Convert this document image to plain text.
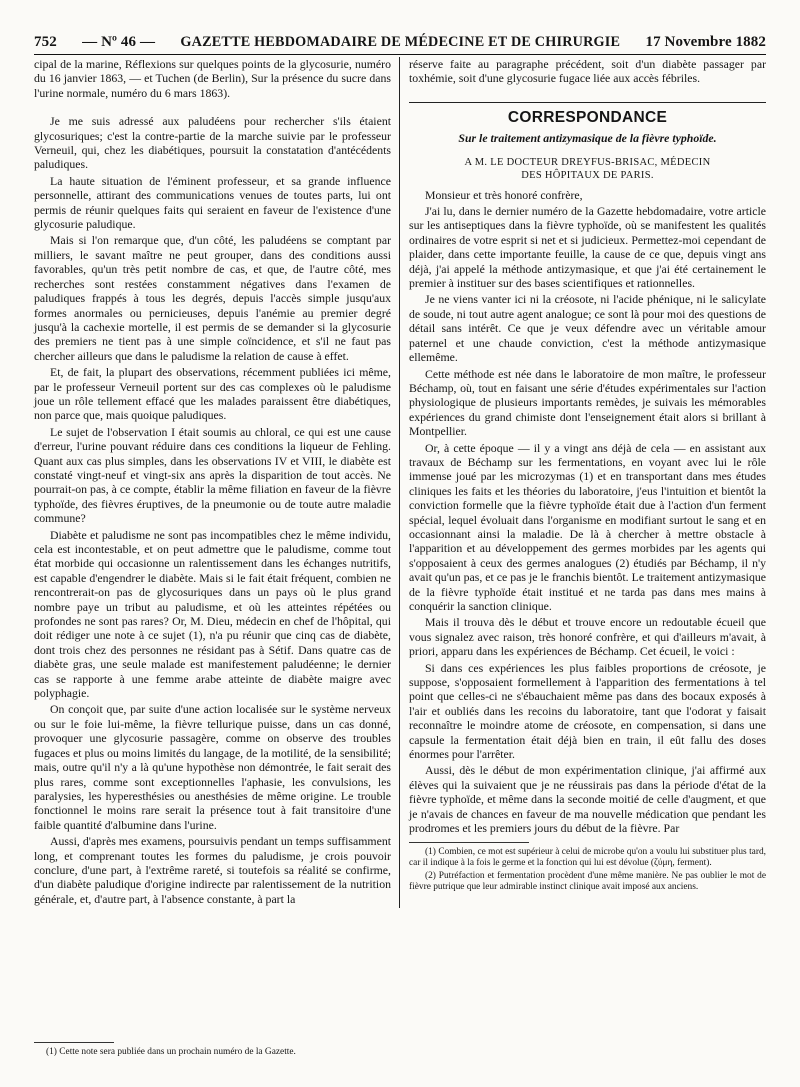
752 — Nº 46 — GAZETTE HEBDOMADAIRE DE MÉDECINE ET DE CHIRURGIE 17 Novembre 1882

cipal de la marine, Réflexions sur quelques points de la glycosurie, numéro du 16 janvier 1863, — et Tuchen (de Berlin), Sur la présence du sucre dans l'urine normale, numéro du 6 mars 1863).

Je me suis adressé aux paludéens pour rechercher s'ils étaient glycosuriques; c'est la contre-partie de la marche suivie par le professeur Verneuil, qui, chez les diabétiques, poursuit la constatation d'antécédents paludiques.

La haute situation de l'éminent professeur, et sa grande influence personnelle, attirant des communications venues de toutes parts, lui ont permis de réunir quelques faits qui seraient en faveur de l'existence d'une glycosurie paludique.

Mais si l'on remarque que, d'un côté, les paludéens se comptant par milliers, le savant maître ne peut grouper, dans des conditions aussi favorables, qu'un très petit nombre de cas, et que, de l'autre côté, mes recherches sont restées constamment négatives dans l'examen de paludiques frappés à tous les degrés, depuis l'accès simple jusqu'aux formes anormales ou pernicieuses, depuis l'anémie au premier degré jusqu'à la cachexie mortelle, il est permis de se demander si la glycosurie des premiers ne tient pas à une simple coïncidence, et s'il ne faut pas chercher ailleurs que dans le paludisme la relation de cause à effet.

Et, de fait, la plupart des observations, récemment publiées ici même, par le professeur Verneuil portent sur des cas complexes où le paludisme joue un rôle tellement effacé que les malades paraissent être diabétiques, non parce que, mais quoique paludiques.

Le sujet de l'observation I était soumis au chloral, ce qui est une cause d'erreur, l'urine pouvant réduire dans ces conditions la liqueur de Fehling. Quant aux cas plus simples, dans les observations IV et VIII, le diabète est constaté vingt-neuf et vingt-six ans après la disparition de tout accès. Ne pourrait-on pas, à ce compte, établir la même filiation en faveur de la fièvre typhoïde, des fièvres éruptives, de la pneumonie ou de toute autre maladie commune?

Diabète et paludisme ne sont pas incompatibles chez le même individu, cela est incontestable, et on peut admettre que le paludisme, comme tout état morbide qui occasionne un ralentissement dans les échanges nutritifs, est capable d'engendrer le diabète. Mais si le fait était fréquent, combien ne rencontrerait-on pas de glycosuriques dans un pays où le plus grand nombre paye un tribut au paludisme, et où les atteintes répétées ou profondes ne sont pas rares? Or, M. Dieu, médecin en chef de l'hôpital, qui doit rédiger une note à ce sujet (1), n'a pu réunir que cinq cas de diabète, dont trois chez des personnes ne résidant pas à Sétif. Dans quatre cas de diabète gras, une seule malade est manifestement paludéenne; le dernier cas se rapporte à une femme arabe atteinte de diabète maigre avec polyphagie.

On conçoit que, par suite d'une action localisée sur le système nerveux ou sur le foie lui-même, la fièvre tellurique puisse, dans un cas donné, provoquer une glycosurie passagère, comme on observe des troubles fugaces et plus ou moins limités du langage, de la motilité, de la sensibilité; mais, outre qu'il n'y a là qu'une hypothèse non démontrée, le fait serait des plus rares, comme sont exceptionnelles l'aphasie, les convulsions, les paralysies, les hyperesthésies ou anesthésies de même origine. Le trouble fonctionnel le moins rare serait la présence tout à fait transitoire d'une faible quantité d'albumine dans l'urine.

Aussi, d'après mes examens, poursuivis pendant un temps suffisamment long, et comprenant toutes les formes du paludisme, je crois pouvoir conclure, d'une part, à l'extrême rareté, si toutefois sa réalité se confirme, d'un diabète paludique d'origine indirecte par ralentissement de la nutrition générale, et, d'autre part, à l'absence constante, à part la

réserve faite au paragraphe précédent, soit d'un diabète passager par toxhémie, soit d'une glycosurie fugace liée aux accès fébriles.

CORRESPONDANCE
Sur le traitement antizymasique de la fièvre typhoïde.
A M. LE DOCTEUR DREYFUS-BRISAC, MÉDECIN
DES HÔPITAUX DE PARIS.

Monsieur et très honoré confrère,

J'ai lu, dans le dernier numéro de la Gazette hebdomadaire, votre article sur les antiseptiques dans la fièvre typhoïde, où se manifestent les qualités ordinaires de votre esprit si net et si judicieux. Permettez-moi cependant de plaider, dans cette importante feuille, la cause de ce que, depuis vingt ans déjà, j'ai appelé la méthode antizymasique, et que j'ai été certainement le premier à instituer sur des bases scientifiques et rationnelles.

Je ne viens vanter ici ni la créosote, ni l'acide phénique, ni le salicylate de soude, ni tout autre agent analogue; ce sont là pour moi des questions de détail sans intérêt. Ce que je veux défendre avec un véritable amour paternel et une chaude conviction, c'est la méthode antizymasique ellemême.

Cette méthode est née dans le laboratoire de mon maître, le professeur Béchamp, où, tout en faisant une série d'études expérimentales sur l'action physiologique de plusieurs importants remèdes, je suivais les mémorables expériences du grand chimiste dont l'enseignement était alors si brillant à Montpellier.

Or, à cette époque — il y a vingt ans déjà de cela — en assistant aux travaux de Béchamp sur les fermentations, en voyant avec lui le rôle immense joué par les microzymas (1) et en transportant dans mes études cliniques les faits et les théories du laboratoire, j'eus l'intuition et bientôt la conviction formelle que la fièvre typhoïde était due à l'action d'un ferment spécial, lequel évoluait dans l'organisme en modifiant surtout le sang et en occasionnant ainsi la maladie. De là à chercher à mettre obstacle à l'apparition et au développement des germes morbides par les agents qui s'opposaient à ceux des germes analogues (2) étudiés par Béchamp, il n'y avait qu'un pas, et ce pas je le franchis bientôt. Le traitement antizymasique de la fièvre typhoïde était institué et ne tarda pas dans mes mains à conquérir la sanction clinique.

Mais il trouva dès le début et trouve encore un redoutable écueil que vous signalez avec raison, très honoré confrère, et qui d'ailleurs m'avait, à priori, apparu dans les expériences de Béchamp. Cet écueil, le voici :

Si dans ces expériences les plus faibles proportions de créosote, je suppose, s'opposaient formellement à l'apparition des fermentations à tel point que celles-ci ne s'ébauchaient même pas dans des bocaux exposés à l'air et oubliés dans les recoins du laboratoire, tant que l'odorat y faisait reconnaître le moindre atome de créosote, en compensation, si dans une capsule la fermentation était déjà bien en train, il eût fallu des doses énormes pour l'arrêter.

Aussi, dès le début de mon expérimentation clinique, j'ai affirmé aux élèves qui la suivaient que je ne réussirais pas dans la période d'état de la fièvre typhoïde, et même dans la seconde moitié de celle d'augment, et que je n'avais de chances en faveur de ma nouvelle médication que pendant les prodromes et les premiers jours du début de la fièvre. Par

(1) Combien, ce mot est supérieur à celui de microbe qu'on a voulu lui substituer plus tard, car il indique à la fois le germe et la fonction qui lui est dévolue (ζύμη, ferment).

(2) Putréfaction et fermentation procèdent d'une même manière. Ne pas oublier le mot de fièvre putrique que leur admirable instinct clinique avait imposé aux anciens.

(1) Cette note sera publiée dans un prochain numéro de la Gazette.
